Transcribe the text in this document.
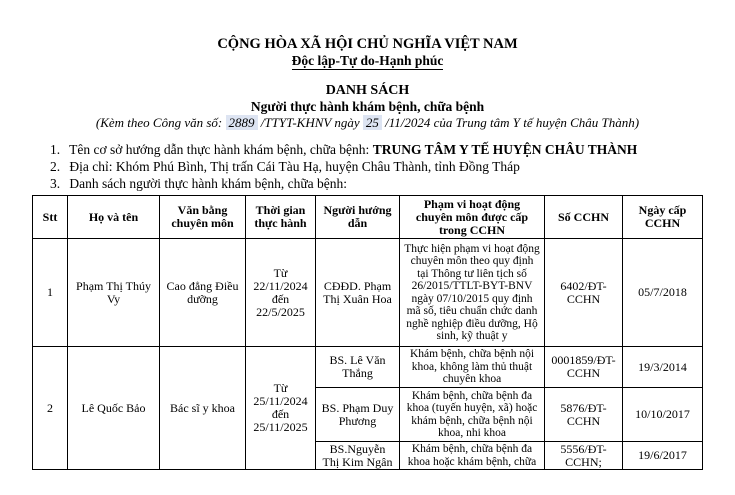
CỘNG HÒA XÃ HỘI CHỦ NGHĨA VIỆT NAM
Độc lập-Tự do-Hạnh phúc
DANH SÁCH
Người thực hành khám bệnh, chữa bệnh
(Kèm theo Công văn số: 2889 /TTYT-KHNV ngày 25 /11/2024 của Trung tâm Y tế huyện Châu Thành)
1. Tên cơ sở hướng dẫn thực hành khám bệnh, chữa bệnh: TRUNG TÂM Y TẾ HUYỆN CHÂU THÀNH
2. Địa chỉ: Khóm Phú Bình, Thị trấn Cái Tàu Hạ, huyện Châu Thành, tỉnh Đồng Tháp
3. Danh sách người thực hành khám bệnh, chữa bệnh:
Stt	Họ và tên	Văn bằng chuyên môn	Thời gian thực hành	Người hướng dẫn	Phạm vi hoạt động chuyên môn được cấp trong CCHN	Số CCHN	Ngày cấp CCHN
1	Phạm Thị Thúy Vy	Cao đẳng Điều dưỡng	Từ 22/11/2024 đến 22/5/2025	CĐĐD. Phạm Thị Xuân Hoa	Thực hiện phạm vi hoạt động chuyên môn theo quy định tại Thông tư liên tịch số 26/2015/TTLT-BYT-BNV ngày 07/10/2015 quy định mã số, tiêu chuẩn chức danh nghề nghiệp điều dưỡng, Hộ sinh, kỹ thuật y	6402/ĐT-CCHN	05/7/2018
2	Lê Quốc Bảo	Bác sĩ y khoa	Từ 25/11/2024 đến 25/11/2025	BS. Lê Văn Thắng	Khám bệnh, chữa bệnh nội khoa, không làm thủ thuật chuyên khoa	0001859/ĐT-CCHN	19/3/2014
				BS. Phạm Duy Phương	Khám bệnh, chữa bệnh đa khoa (tuyến huyện, xã) hoặc khám bệnh, chữa bệnh nội khoa, nhi khoa	5876/ĐT-CCHN	10/10/2017
				BS.Nguyễn Thị Kim Ngân	Khám bệnh, chữa bệnh đa khoa hoặc khám bệnh, chữa	5556/ĐT-CCHN;	19/6/2017
